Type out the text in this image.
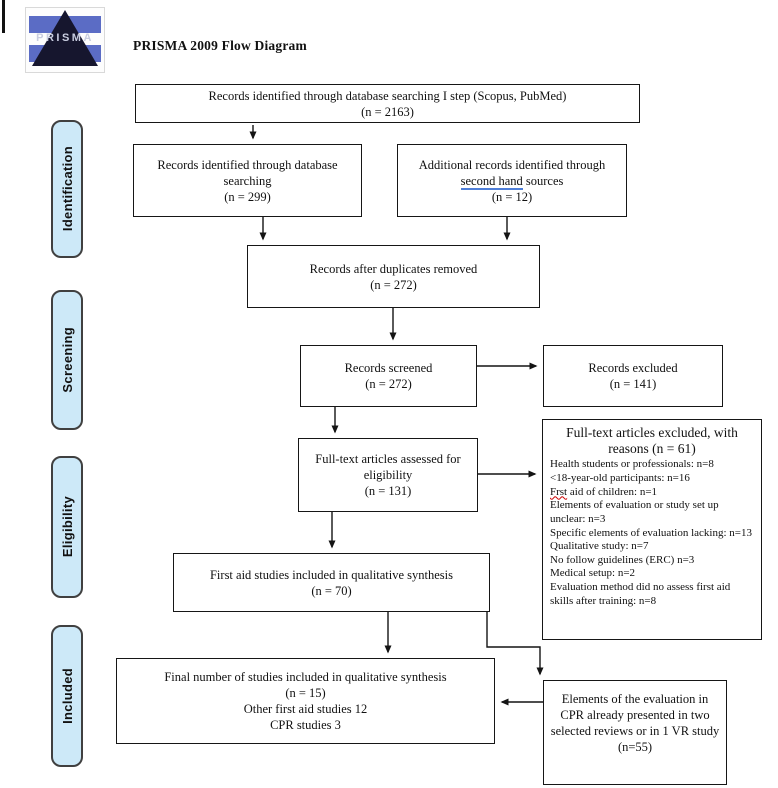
PRISMA	PRISMA 2009 Flow Diagram
Identification
Screening
Eligibility
Included
Records identified through database searching I step (Scopus, PubMed)
(n = 2163)
Records identified through database searching
(n = 299)
Additional records identified through second hand sources
(n = 12)
Records after duplicates removed
(n = 272)
Records screened
(n = 272)
Records excluded
(n = 141)
Full-text articles assessed for eligibility
(n = 131)
Full-text articles excluded, with reasons (n = 61)
Health students or professionals: n=8
<18-year-old participants: n=16
Frst aid of children: n=1
Elements of evaluation or study set up unclear: n=3
Specific elements of evaluation lacking: n=13
Qualitative study: n=7
No follow guidelines (ERC) n=3
Medical setup: n=2
Evaluation method did no assess first aid skills after training: n=8
First aid studies included in qualitative synthesis
(n = 70)
Final number of studies included in qualitative synthesis
(n = 15)
Other first aid studies 12
CPR studies 3
Elements of the evaluation in CPR already presented in two selected reviews or in 1 VR study (n=55)
